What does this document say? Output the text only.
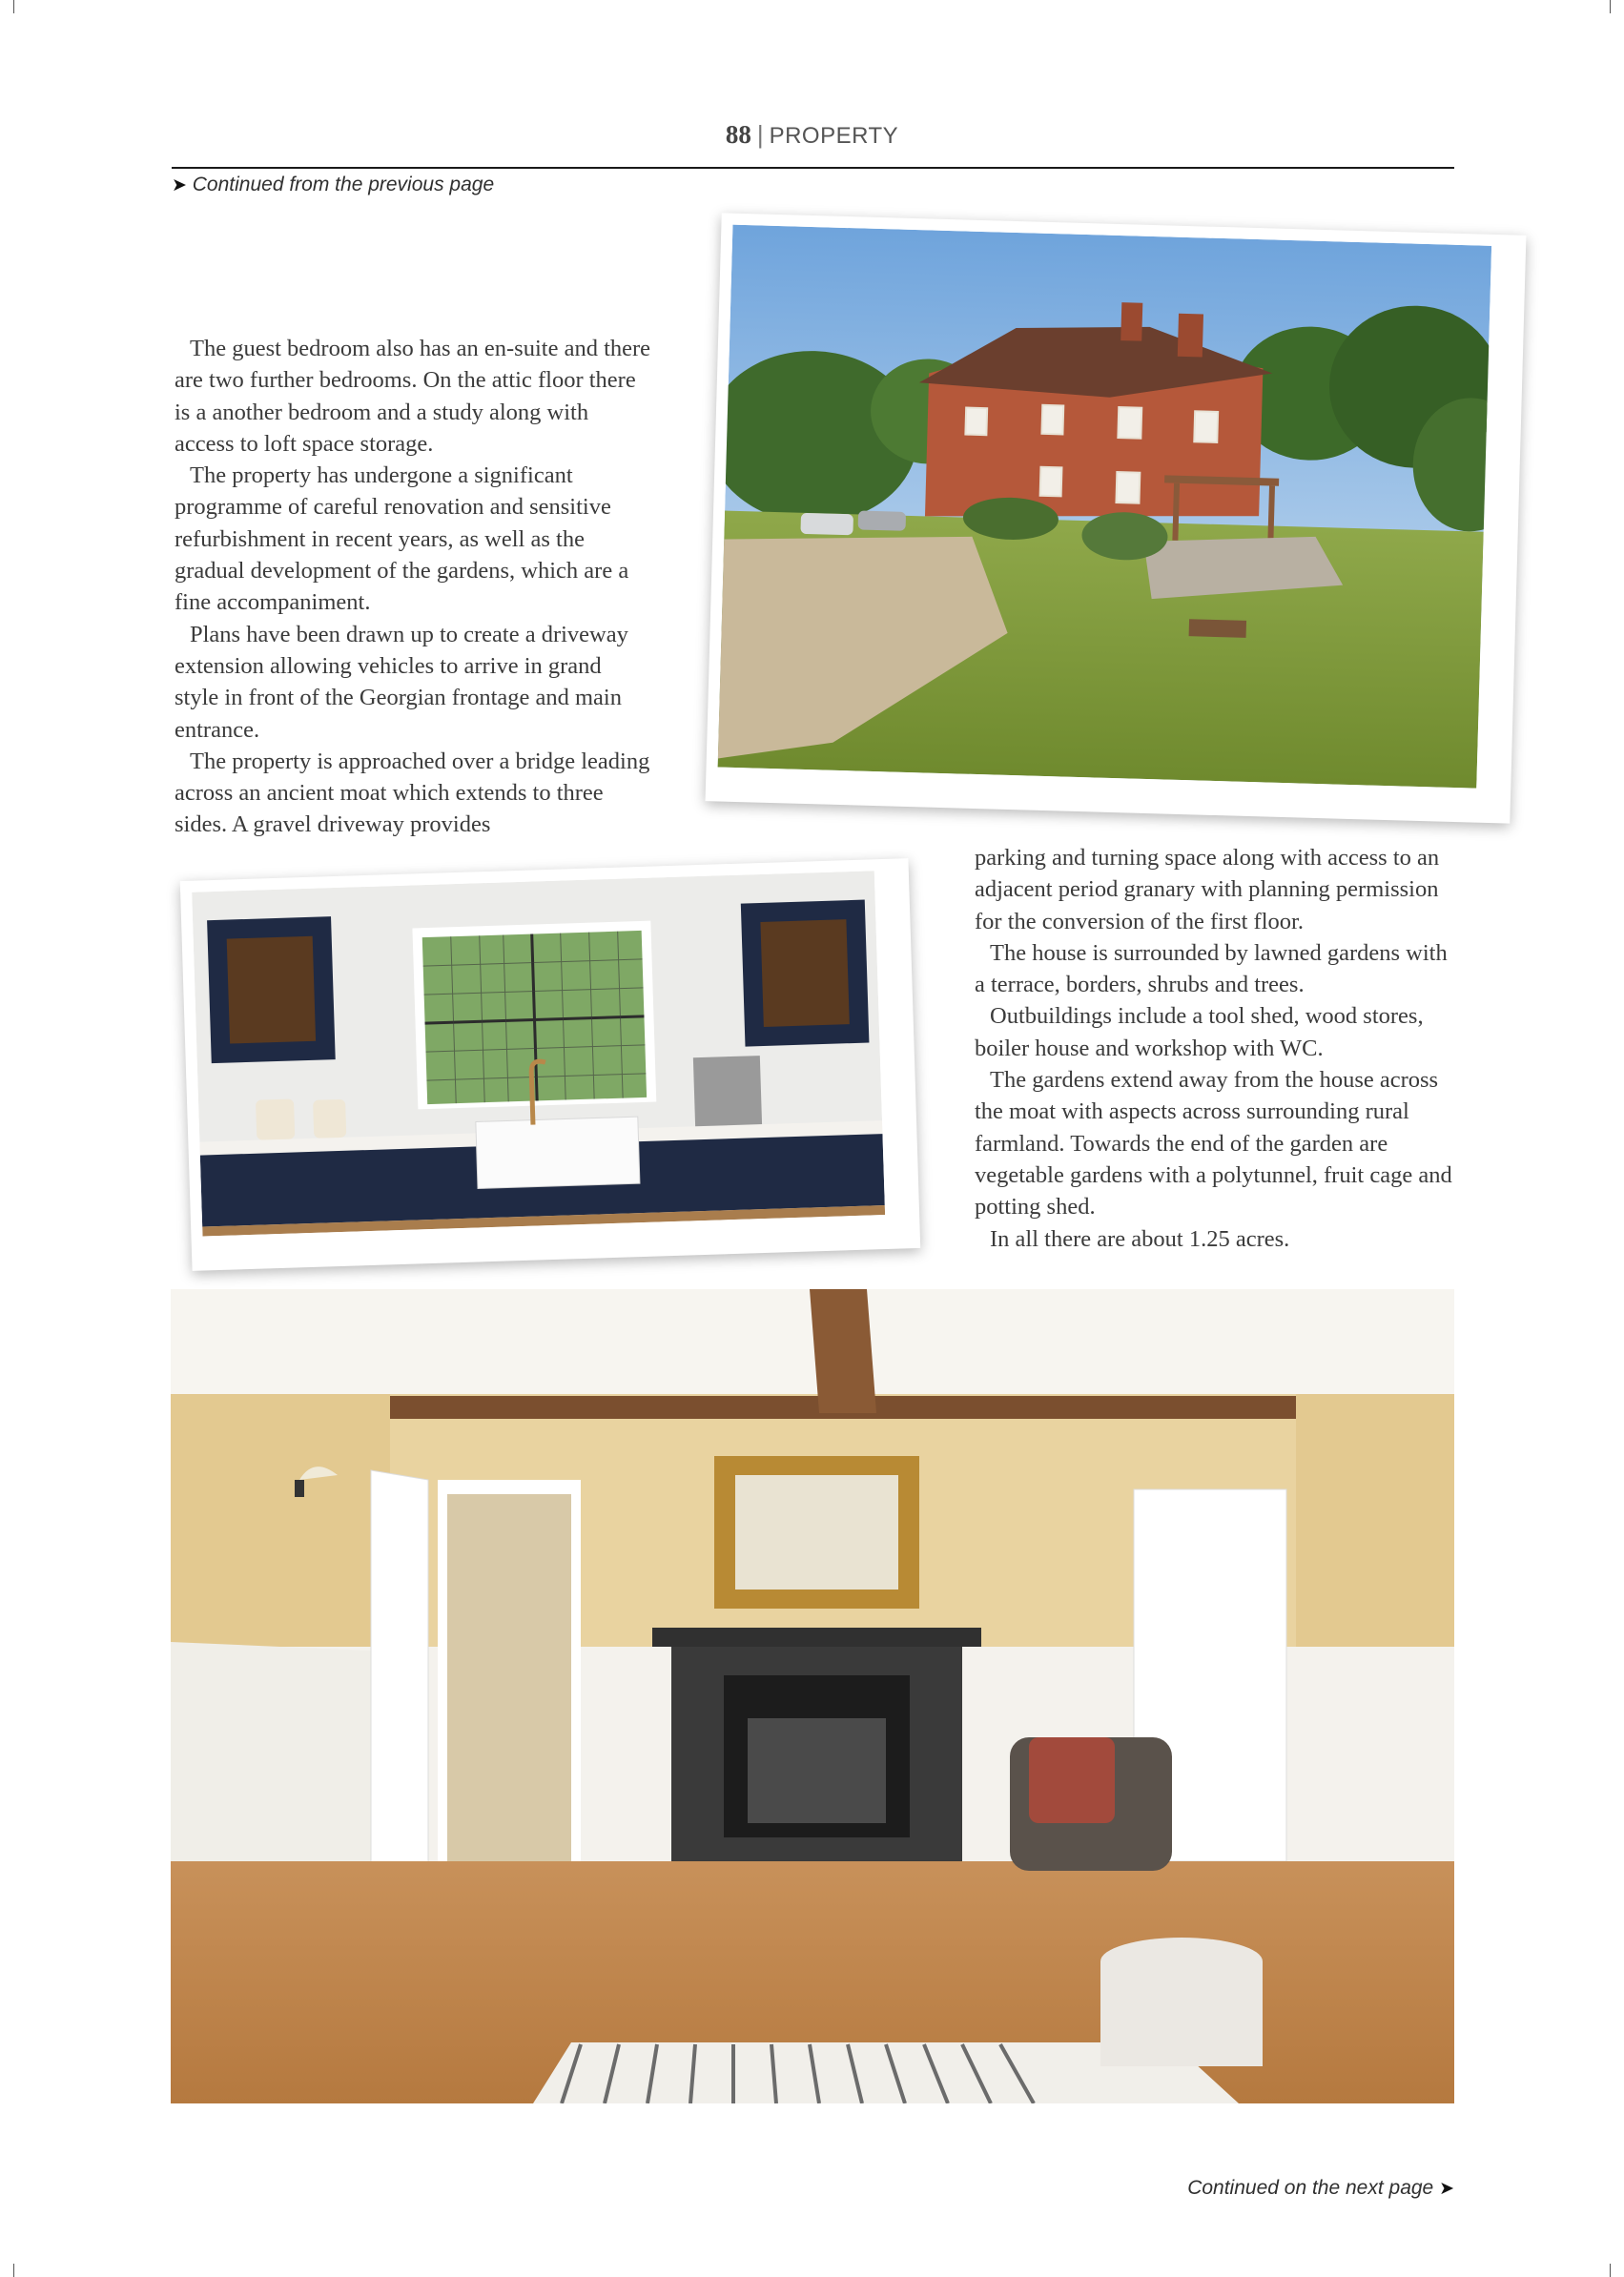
88 | PROPERTY
➤ Continued from the previous page

The guest bedroom also has an en-suite and there are two further bedrooms. On the attic floor there is a another bedroom and a study along with access to loft space storage.

The property has undergone a significant programme of careful renovation and sensitive refurbishment in recent years, as well as the gradual development of the gardens, which are a fine accompaniment.

Plans have been drawn up to create a driveway extension allowing vehicles to arrive in grand style in front of the Georgian frontage and main entrance.

The property is approached over a bridge leading across an ancient moat which extends to three sides. A gravel driveway provides

parking and turning space along with access to an adjacent period granary with planning permission for the conversion of the first floor.

The house is surrounded by lawned gardens with a terrace, borders, shrubs and trees.

Outbuildings include a tool shed, wood stores, boiler house and workshop with WC.

The gardens extend away from the house across the moat with aspects across surrounding rural farmland. Towards the end of the garden are vegetable gardens with a polytunnel, fruit cage and potting shed.

In all there are about 1.25 acres.

Continued on the next page ➤
